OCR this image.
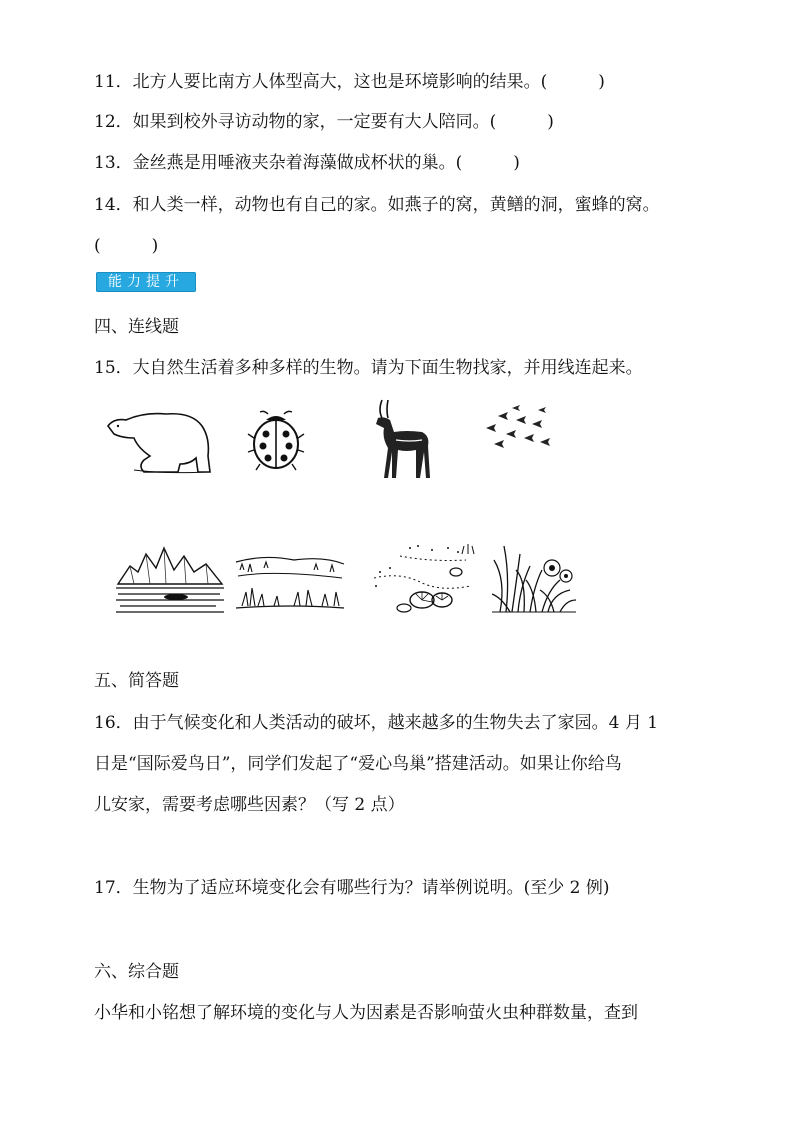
11．北方人要比南方人体型高大，这也是环境影响的结果。(　　　)
12．如果到校外寻访动物的家，一定要有大人陪同。(　　　)
13．金丝燕是用唾液夹杂着海藻做成杯状的巢。(　　　)
14．和人类一样，动物也有自己的家。如燕子的窝，黄鳝的洞，蜜蜂的窝。
(　　　)
能力提升
四、连线题
15．大自然生活着多种多样的生物。请为下面生物找家，并用线连起来。
五、简答题
16．由于气候变化和人类活动的破坏，越来越多的生物失去了家园。4 月 1
日是“国际爱鸟日”，同学们发起了“爱心鸟巢”搭建活动。如果让你给鸟
儿安家，需要考虑哪些因素？（写 2 点）
17．生物为了适应环境变化会有哪些行为？请举例说明。(至少 2 例)
六、综合题
小华和小铭想了解环境的变化与人为因素是否影响萤火虫种群数量，查到
